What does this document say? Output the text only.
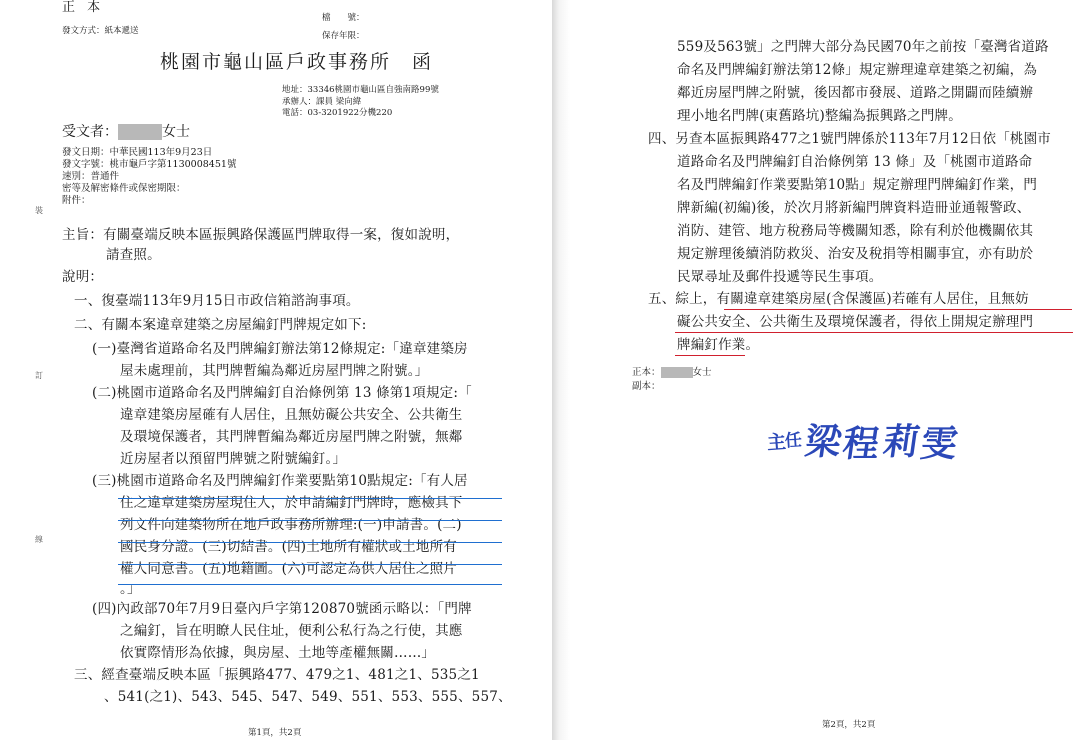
正 本
發文方式：紙本遞送
檔　　號：
保存年限：
桃園市龜山區戶政事務所　函
地址：33346桃園市龜山區自強南路99號
承辦人：課員 梁向緯
電話：03-3201922分機220
受文者：	女士
發文日期：中華民國113年9月23日
發文字號：桃市龜戶字第1130008451號
速別：普通件
密等及解密條件或保密期限：
附件：
裝
訂
線
主旨：有關臺端反映本區振興路保護區門牌取得一案，復如說明，
請查照。
說明：
一、復臺端113年9月15日市政信箱諮詢事項。
二、有關本案違章建築之房屋編釘門牌規定如下:
(一)臺灣省道路命名及門牌編釘辦法第12條規定:「違章建築房
屋未處理前，其門牌暫編為鄰近房屋門牌之附號。」
(二)桃園市道路命名及門牌編釘自治條例第 13 條第1項規定:「
違章建築房屋確有人居住，且無妨礙公共安全、公共衛生
及環境保護者，其門牌暫編為鄰近房屋門牌之附號，無鄰
近房屋者以預留門牌號之附號編釘。」
(三)桃園市道路命名及門牌編釘作業要點第10點規定:「有人居
住之違章建築房屋現住人，於申請編釘門牌時，應檢具下
列文件向建築物所在地戶政事務所辦理:(一)申請書。(二)
國民身分證。(三)切結書。(四)土地所有權狀或土地所有
權人同意書。(五)地籍圖。(六)可認定為供人居住之照片
。」
(四)內政部70年7月9日臺內戶字第120870號函示略以：「門牌
之編釘，旨在明瞭人民住址，便利公私行為之行使，其應
依實際情形為依據，與房屋、土地等產權無關……」
第1頁，共2頁
559及563號」之門牌大部分為民國70年之前按「臺灣省道路
命名及門牌編釘辦法第12條」規定辦理違章建築之初編，為
鄰近房屋門牌之附號，後因都市發展、道路之開闢而陸續辦
理小地名門牌(東舊路坑)整編為振興路之門牌。
四、另查本區振興路477之1號門牌係於113年7月12日依「桃園市
道路命名及門牌編釘自治條例第 13 條」及「桃園市道路命
名及門牌編釘作業要點第10點」規定辦理門牌編釘作業，門
牌新編(初編)後，於次月將新編門牌資料造冊並通報警政、
消防、建管、地方稅務局等機關知悉，除有利於他機關依其
規定辦理後續消防救災、治安及稅捐等相關事宜，亦有助於
民眾尋址及郵件投遞等民生事項。
五、綜上，有關違章建築房屋(含保護區)若確有人居住，且無妨
礙公共安全、公共衛生及環境保護者，得依上開規定辦理門
牌編釘作業。
正本：	女士
副本：
主
任 梁
程
莉
雯
第2頁，共2頁
三、經查臺端反映本區「振興路477、479之1、481之1、535之1
、541(之1)、543、545、547、549、551、553、555、557、
